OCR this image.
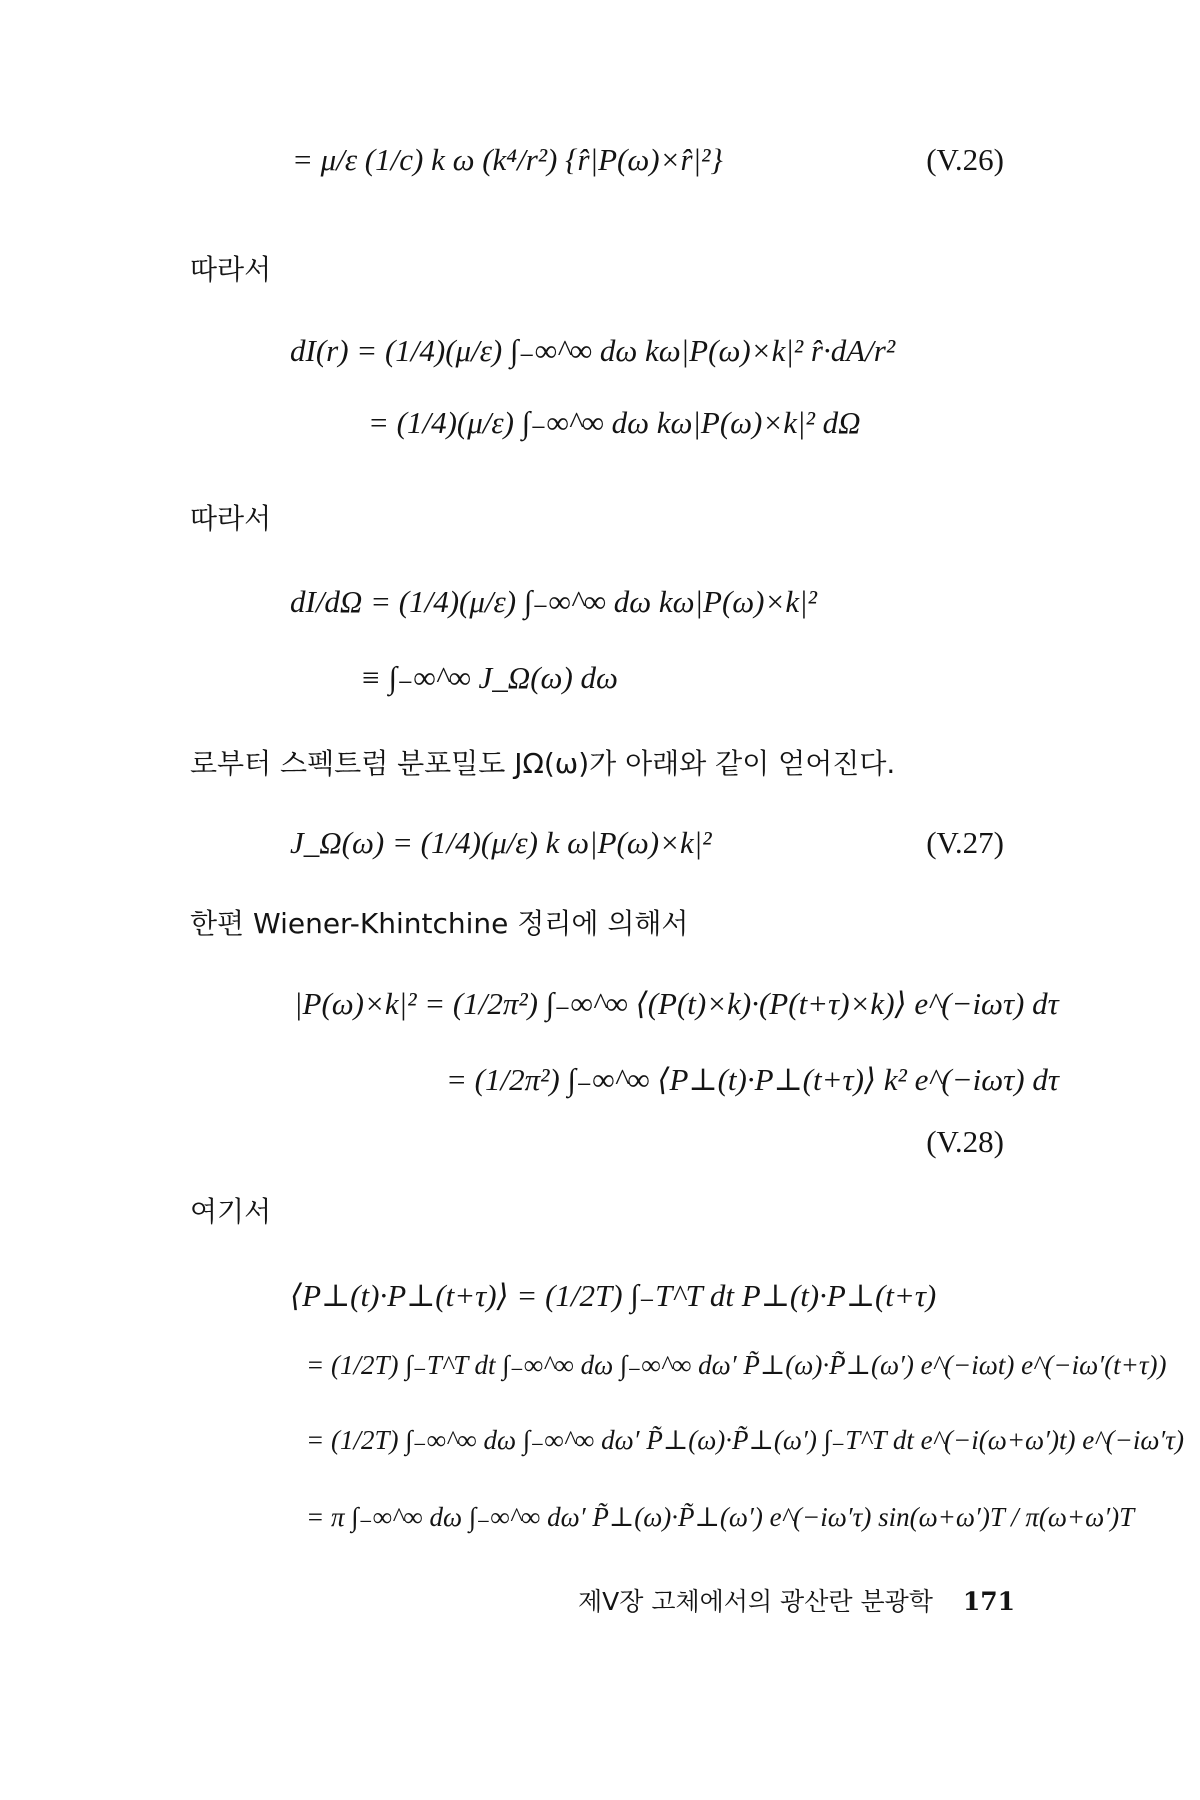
= μ/ε (1/c) k ω (k⁴/r²) {r̂|P(ω)×r̂|²}	(V.26)
따라서
dI(r) = (1/4)(μ/ε) ∫₋∞^∞ dω kω|P(ω)×k|² r̂·dA/r²
= (1/4)(μ/ε) ∫₋∞^∞ dω kω|P(ω)×k|² dΩ
따라서
dI/dΩ = (1/4)(μ/ε) ∫₋∞^∞ dω kω|P(ω)×k|²
≡ ∫₋∞^∞ J_Ω(ω) dω
로부터 스펙트럼 분포밀도 JΩ(ω)가 아래와 같이 얻어진다.
J_Ω(ω) = (1/4)(μ/ε) k ω|P(ω)×k|²	(V.27)
한편 Wiener-Khintchine 정리에 의해서
|P(ω)×k|² = (1/2π²) ∫₋∞^∞ ⟨(P(t)×k)·(P(t+τ)×k)⟩ e^(−iωτ) dτ
= (1/2π²) ∫₋∞^∞ ⟨P⊥(t)·P⊥(t+τ)⟩ k² e^(−iωτ) dτ
(V.28)
여기서
⟨P⊥(t)·P⊥(t+τ)⟩ = (1/2T) ∫₋T^T dt P⊥(t)·P⊥(t+τ)
= (1/2T) ∫₋T^T dt ∫₋∞^∞ dω ∫₋∞^∞ dω′ P̃⊥(ω)·P̃⊥(ω′) e^(−iωt) e^(−iω′(t+τ))
= (1/2T) ∫₋∞^∞ dω ∫₋∞^∞ dω′ P̃⊥(ω)·P̃⊥(ω′) ∫₋T^T dt e^(−i(ω+ω′)t) e^(−iω′τ)
= π ∫₋∞^∞ dω ∫₋∞^∞ dω′ P̃⊥(ω)·P̃⊥(ω′) e^(−iω′τ) sin(ω+ω′)T / π(ω+ω′)T
제Ⅴ장 고체에서의 광산란 분광학 171
